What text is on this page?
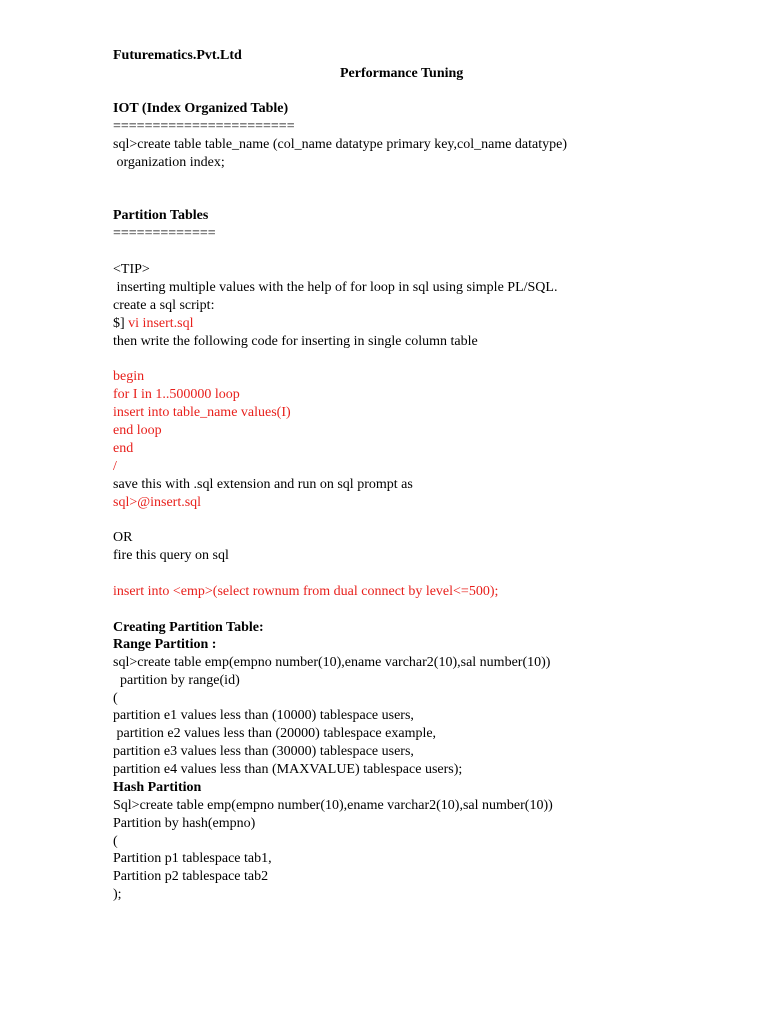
Futurematics.Pvt.Ltd
Performance Tuning
IOT (Index Organized Table)
=======================
sql>create table table_name (col_name datatype primary key,col_name datatype)
organization index;
Partition Tables
=============
<TIP>
inserting multiple values with the help of for loop in sql using simple PL/SQL.
create a sql script:
$] vi insert.sql
then write the following code for inserting in single column table
begin
for I in 1..500000 loop
insert into table_name values(I)
end loop
end
/
save this with .sql extension and run on sql prompt as
sql>@insert.sql
OR
fire this query on sql
insert into <emp>(select rownum from dual connect by level<=500);
Creating Partition Table:
Range Partition :
sql>create table emp(empno number(10),ename varchar2(10),sal number(10))
partition by range(id)
(
partition e1 values less than (10000) tablespace users,
partition e2 values less than (20000) tablespace example,
partition e3 values less than (30000) tablespace users,
partition e4 values less than (MAXVALUE) tablespace users);
Hash Partition
Sql>create table emp(empno number(10),ename varchar2(10),sal number(10))
Partition by hash(empno)
(
Partition p1 tablespace tab1,
Partition p2 tablespace tab2
);
